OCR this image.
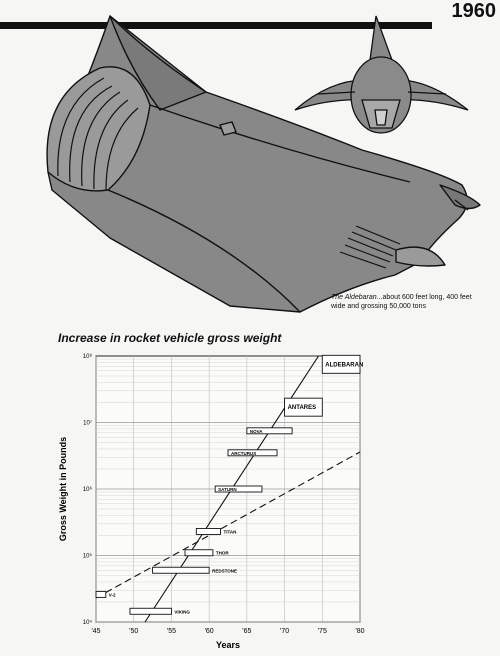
1960
The Aldebaran...about 600 feet long, 400 feet wide and grossing 50,000 tons
Increase in rocket vehicle gross weight
'45	'50	'55	'60	'65	'70	'75	'80
10⁴
10⁵
10⁶
10⁷
10⁸
V-2
VIKING
REDSTONE
THOR
TITAN
SATURN
ARCTURUS
NOVA
ANTARES
ALDEBARAN
Years
Gross Weight in Pounds
